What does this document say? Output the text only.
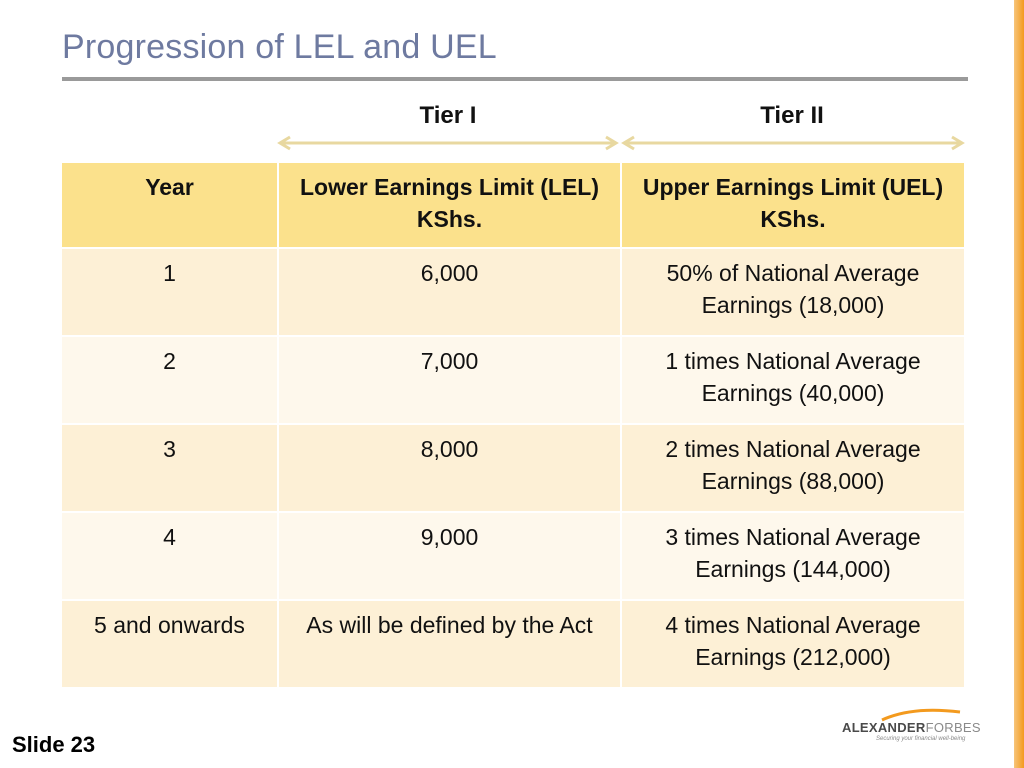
Progression of LEL and UEL
Tier I	Tier II
Year	Lower Earnings Limit (LEL) KShs.	Upper Earnings Limit (UEL) KShs.
1	6,000	50% of National Average Earnings (18,000)
2	7,000	1 times National Average Earnings (40,000)
3	8,000	2 times National Average Earnings (88,000)
4	9,000	3 times National Average Earnings (144,000)
5 and onwards	As will be defined by the Act	4 times National Average Earnings (212,000)
Slide 23
ALEXANDERFORBES
Securing your financial well-being
